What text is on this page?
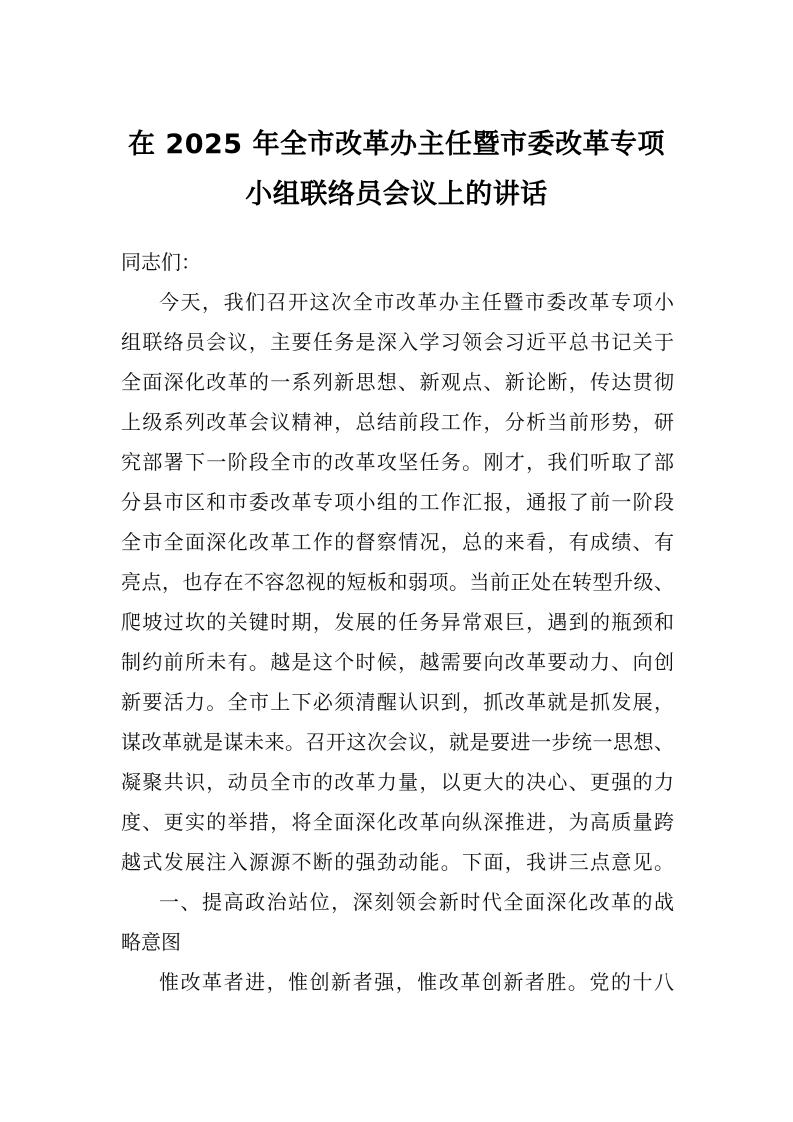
在 2025 年全市改革办主任暨市委改革专项
小组联络员会议上的讲话
同志们：
今天，我们召开这次全市改革办主任暨市委改革专项小
组联络员会议，主要任务是深入学习领会习近平总书记关于
全面深化改革的一系列新思想、新观点、新论断，传达贯彻
上级系列改革会议精神，总结前段工作，分析当前形势，研
究部署下一阶段全市的改革攻坚任务。刚才，我们听取了部
分县市区和市委改革专项小组的工作汇报，通报了前一阶段
全市全面深化改革工作的督察情况，总的来看，有成绩、有
亮点，也存在不容忽视的短板和弱项。当前正处在转型升级、
爬坡过坎的关键时期，发展的任务异常艰巨，遇到的瓶颈和
制约前所未有。越是这个时候，越需要向改革要动力、向创
新要活力。全市上下必须清醒认识到，抓改革就是抓发展，
谋改革就是谋未来。召开这次会议，就是要进一步统一思想、
凝聚共识，动员全市的改革力量，以更大的决心、更强的力
度、更实的举措，将全面深化改革向纵深推进，为高质量跨
越式发展注入源源不断的强劲动能。下面，我讲三点意见。
一、提高政治站位，深刻领会新时代全面深化改革的战
略意图
惟改革者进，惟创新者强，惟改革创新者胜。党的十八
